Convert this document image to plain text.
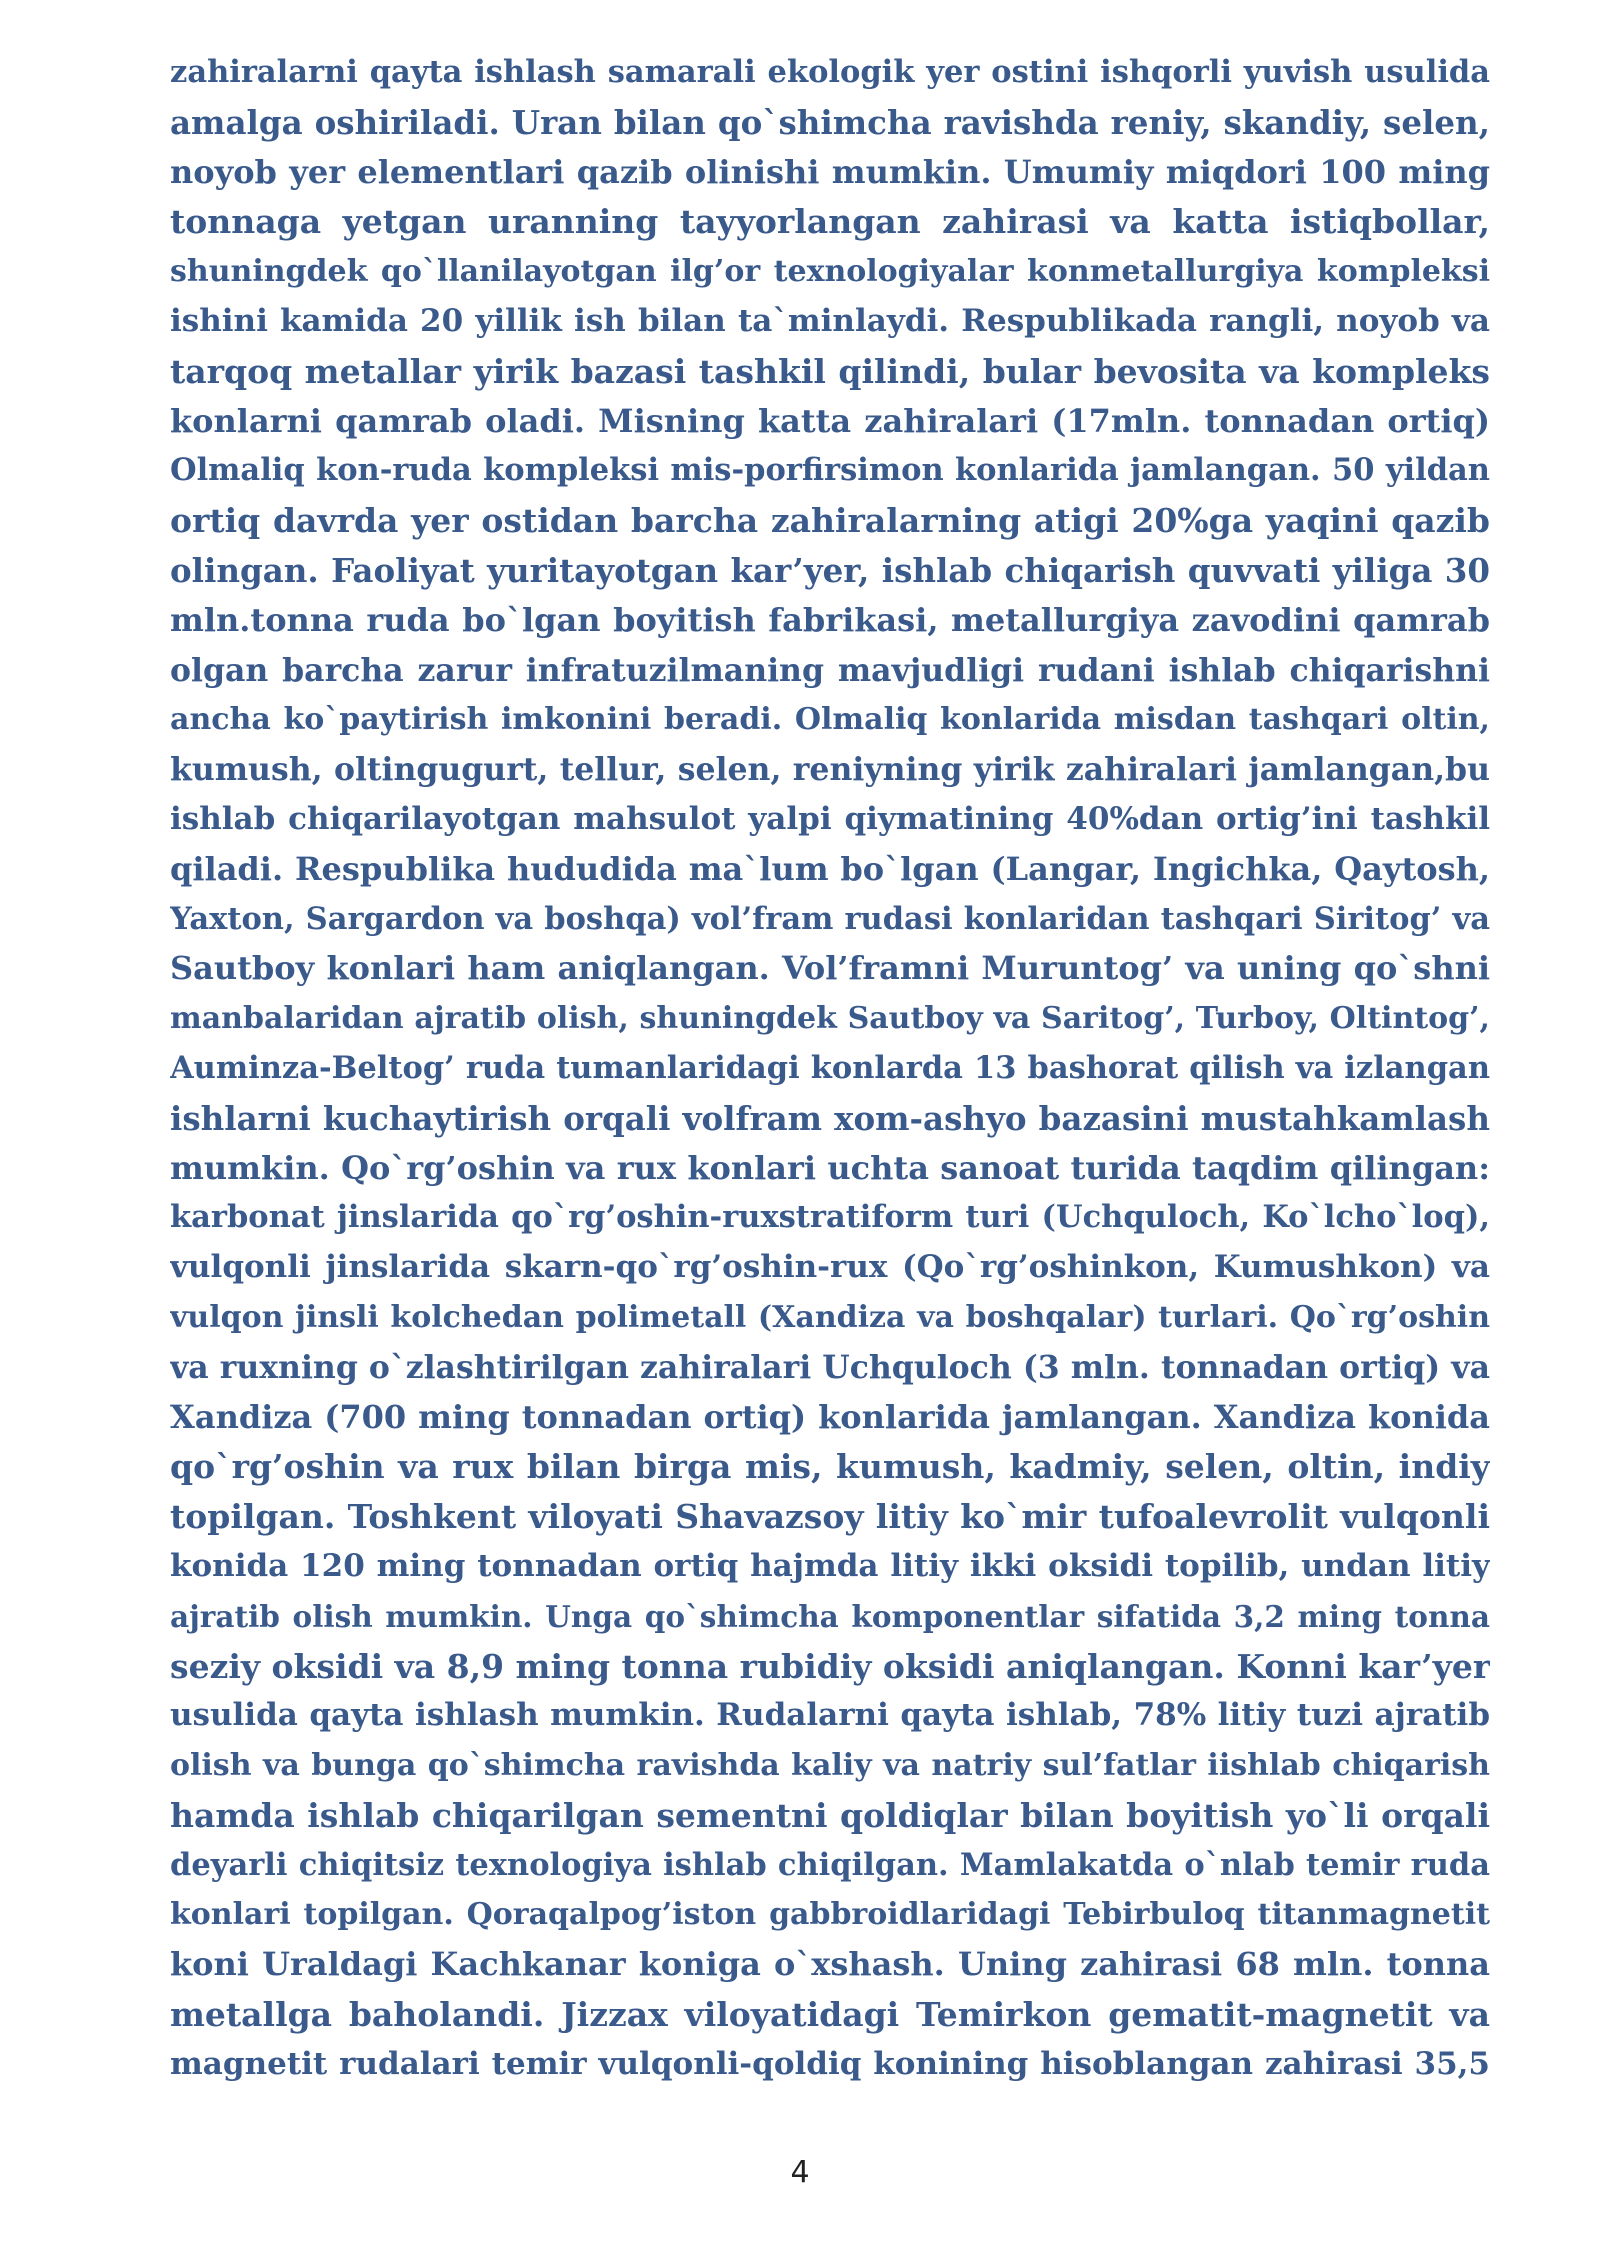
zahiralarni qayta ishlash samarali ekologik yer ostini ishqorli yuvish usulida
amalga oshiriladi. Uran bilan qo`shimcha ravishda reniy, skandiy, selen,
noyob yer elementlari qazib olinishi mumkin. Umumiy miqdori 100 ming
tonnaga yetgan uranning tayyorlangan zahirasi va katta istiqbollar,
shuningdek qo`llanilayotgan ilg’or texnologiyalar konmetallurgiya kompleksi
ishini kamida 20 yillik ish bilan ta`minlaydi. Respublikada rangli, noyob va
tarqoq metallar yirik bazasi tashkil qilindi, bular bevosita va kompleks
konlarni qamrab oladi. Misning katta zahiralari (17mln. tonnadan ortiq)
Olmaliq kon-ruda kompleksi mis-porfirsimon konlarida jamlangan. 50 yildan
ortiq davrda yer ostidan barcha zahiralarning atigi 20%ga yaqini qazib
olingan. Faoliyat yuritayotgan kar’yer, ishlab chiqarish quvvati yiliga 30
mln.tonna ruda bo`lgan boyitish fabrikasi, metallurgiya zavodini qamrab
olgan barcha zarur infratuzilmaning mavjudligi rudani ishlab chiqarishni
ancha ko`paytirish imkonini beradi. Olmaliq konlarida misdan tashqari oltin,
kumush, oltingugurt, tellur, selen, reniyning yirik zahiralari jamlangan,bu
ishlab chiqarilayotgan mahsulot yalpi qiymatining 40%dan ortig’ini tashkil
qiladi. Respublika hududida ma`lum bo`lgan (Langar, Ingichka, Qaytosh,
Yaxton, Sargardon va boshqa) vol’fram rudasi konlaridan tashqari Siritog’ va
Sautboy konlari ham aniqlangan. Vol’framni Muruntog’ va uning qo`shni
manbalaridan ajratib olish, shuningdek Sautboy va Saritog’, Turboy, Oltintog’,
Auminza-Beltog’ ruda tumanlaridagi konlarda 13 bashorat qilish va izlangan
ishlarni kuchaytirish orqali volfram xom-ashyo bazasini mustahkamlash
mumkin. Qo`rg’oshin va rux konlari uchta sanoat turida taqdim qilingan:
karbonat jinslarida qo`rg’oshin-ruxstratiform turi (Uchquloch, Ko`lcho`loq),
vulqonli jinslarida skarn-qo`rg’oshin-rux (Qo`rg’oshinkon, Kumushkon) va
vulqon jinsli kolchedan polimetall (Xandiza va boshqalar) turlari. Qo`rg’oshin
va ruxning o`zlashtirilgan zahiralari Uchquloch (3 mln. tonnadan ortiq) va
Xandiza (700 ming tonnadan ortiq) konlarida jamlangan. Xandiza konida
qo`rg’oshin va rux bilan birga mis, kumush, kadmiy, selen, oltin, indiy
topilgan. Toshkent viloyati Shavazsoy litiy ko`mir tufoalevrolit vulqonli
konida 120 ming tonnadan ortiq hajmda litiy ikki oksidi topilib, undan litiy
ajratib olish mumkin. Unga qo`shimcha komponentlar sifatida 3,2 ming tonna
seziy oksidi va 8,9 ming tonna rubidiy oksidi aniqlangan. Konni kar’yer
usulida qayta ishlash mumkin. Rudalarni qayta ishlab, 78% litiy tuzi ajratib
olish va bunga qo`shimcha ravishda kaliy va natriy sul’fatlar iishlab chiqarish
hamda ishlab chiqarilgan sementni qoldiqlar bilan boyitish yo`li orqali
deyarli chiqitsiz texnologiya ishlab chiqilgan. Mamlakatda o`nlab temir ruda
konlari topilgan. Qoraqalpog’iston gabbroidlaridagi Tebirbuloq titanmagnetit
koni Uraldagi Kachkanar koniga o`xshash. Uning zahirasi 68 mln. tonna
metallga baholandi. Jizzax viloyatidagi Temirkon gematit-magnetit va
magnetit rudalari temir vulqonli-qoldiq konining hisoblangan zahirasi 35,5
4
